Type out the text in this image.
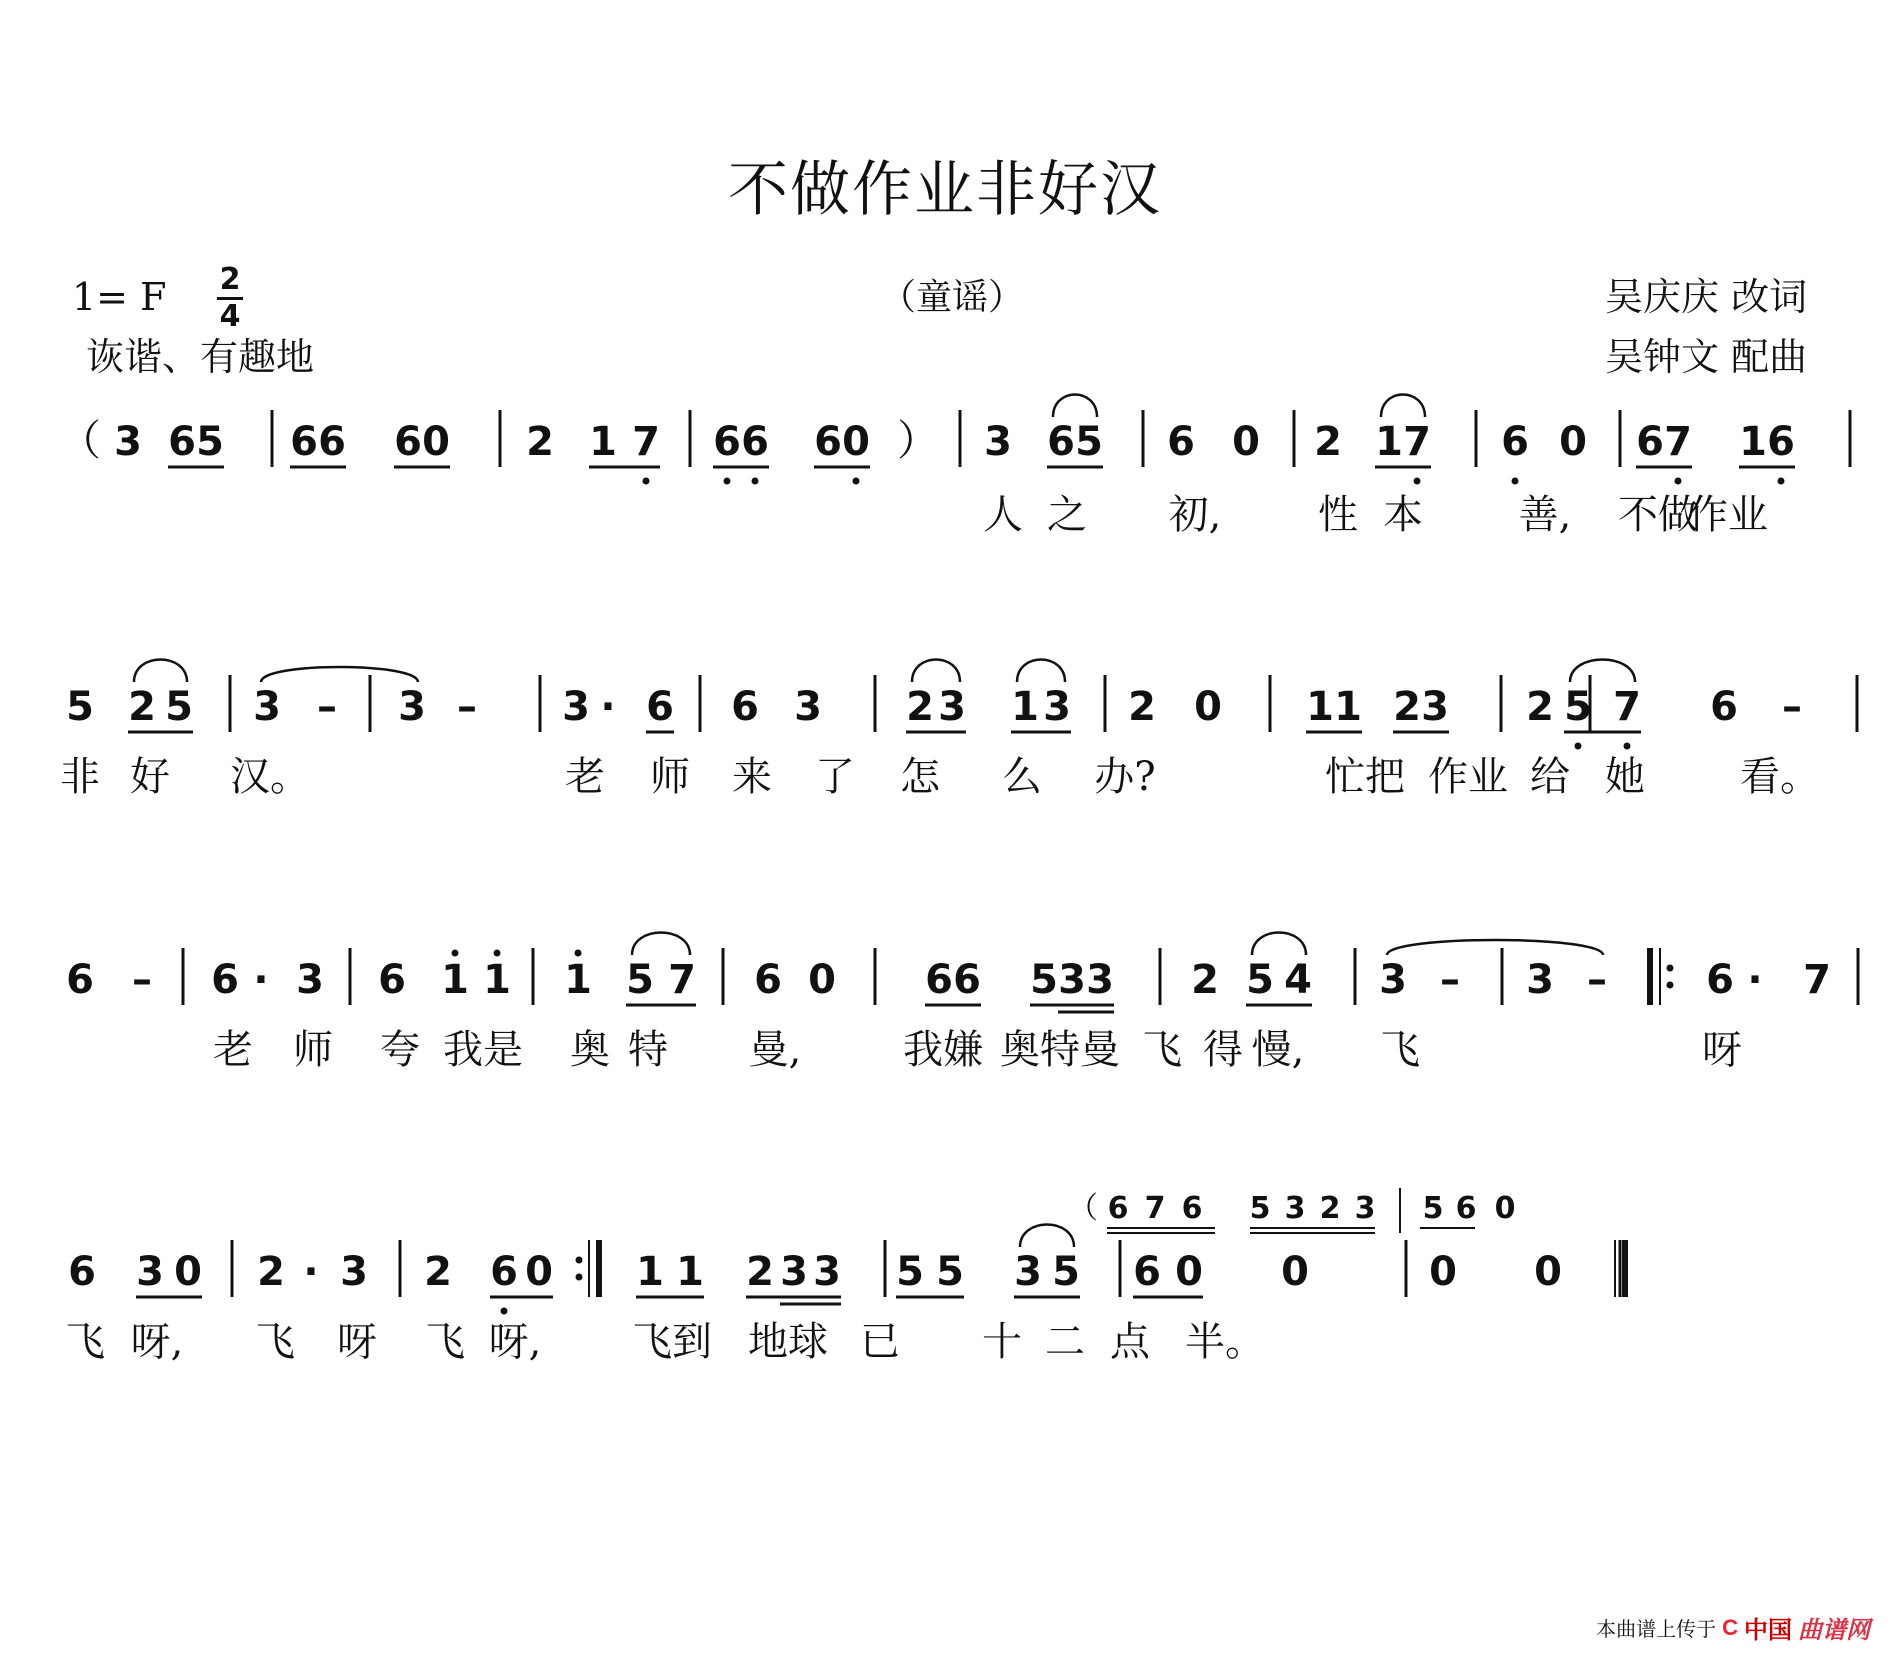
不做作业非好汉
1= F 2
4	（童谣）
诙谐、有趣地
吴庆庆 改词
吴钟文 配曲
（ 3 6 5 6 6 6 0 2 1 7 6 6 6 0 ） 3 6 5 6 0 2 1 7 6 0 6 7 1 6
人 之 初, 性 本 善, 不做
作业
5 2 5 3 – 3 – 3 · 6 6 3 2 3 1 3 2 0 1 1 2 3 2 5 7 6 –
非 好 汉。	老 师 来 了 怎 么 办?	忙把 作业 给 她 看。
6 – 6 · 3 6 1 1 1 5 7 6 0 6 6 5 3 3 2 5 4 3 – 3 – 6 · 7
老 师 夸 我是 奥 特 曼,	我嫌 奥特曼 飞 得 慢, 飞	呀
6 3 0 2 · 3 2 6 0 1 1 2 3 3 5 5 3 5 6 0 0	0 0
飞 呀, 飞 呀 飞 呀, 飞到 地球 已 十 二 点 半。
（ 6 7 6 5 3 2 3 5 6 0
本曲谱上传于 C 中国 曲谱网
